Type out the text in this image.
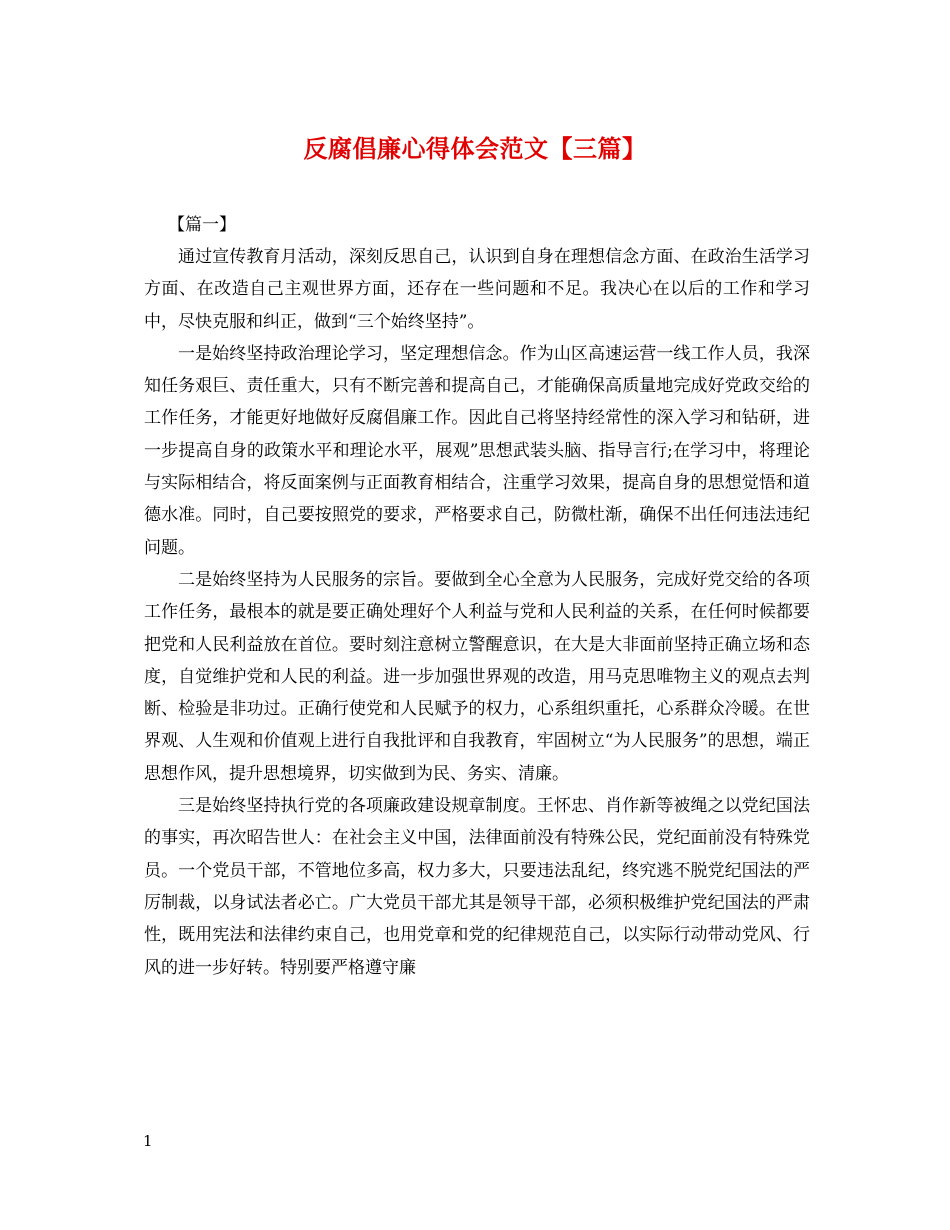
反腐倡廉心得体会范文【三篇】

【篇一】

通过宣传教育月活动，深刻反思自己，认识到自身在理想信念方面、在政治生活学习方面、在改造自己主观世界方面，还存在一些问题和不足。我决心在以后的工作和学习中，尽快克服和纠正，做到“三个始终坚持”。

一是始终坚持政治理论学习，坚定理想信念。作为山区高速运营一线工作人员，我深知任务艰巨、责任重大，只有不断完善和提高自己，才能确保高质量地完成好党政交给的工作任务，才能更好地做好反腐倡廉工作。因此自己将坚持经常性的深入学习和钻研，进一步提高自身的政策水平和理论水平，展观”思想武装头脑、指导言行;在学习中，将理论与实际相结合，将反面案例与正面教育相结合，注重学习效果，提高自身的思想觉悟和道德水准。同时，自己要按照党的要求，严格要求自己，防微杜渐，确保不出任何违法违纪问题。

二是始终坚持为人民服务的宗旨。要做到全心全意为人民服务，完成好党交给的各项工作任务，最根本的就是要正确处理好个人利益与党和人民利益的关系，在任何时候都要把党和人民利益放在首位。要时刻注意树立警醒意识，在大是大非面前坚持正确立场和态度，自觉维护党和人民的利益。进一步加强世界观的改造，用马克思唯物主义的观点去判断、检验是非功过。正确行使党和人民赋予的权力，心系组织重托，心系群众冷暖。在世界观、人生观和价值观上进行自我批评和自我教育，牢固树立“为人民服务”的思想，端正思想作风，提升思想境界，切实做到为民、务实、清廉。

三是始终坚持执行党的各项廉政建设规章制度。王怀忠、肖作新等被绳之以党纪国法的事实，再次昭告世人：在社会主义中国，法律面前没有特殊公民，党纪面前没有特殊党员。一个党员干部，不管地位多高，权力多大，只要违法乱纪，终究逃不脱党纪国法的严厉制裁，以身试法者必亡。广大党员干部尤其是领导干部，必须积极维护党纪国法的严肃性，既用宪法和法律约束自己，也用党章和党的纪律规范自己，以实际行动带动党风、行风的进一步好转。特别要严格遵守廉

1
